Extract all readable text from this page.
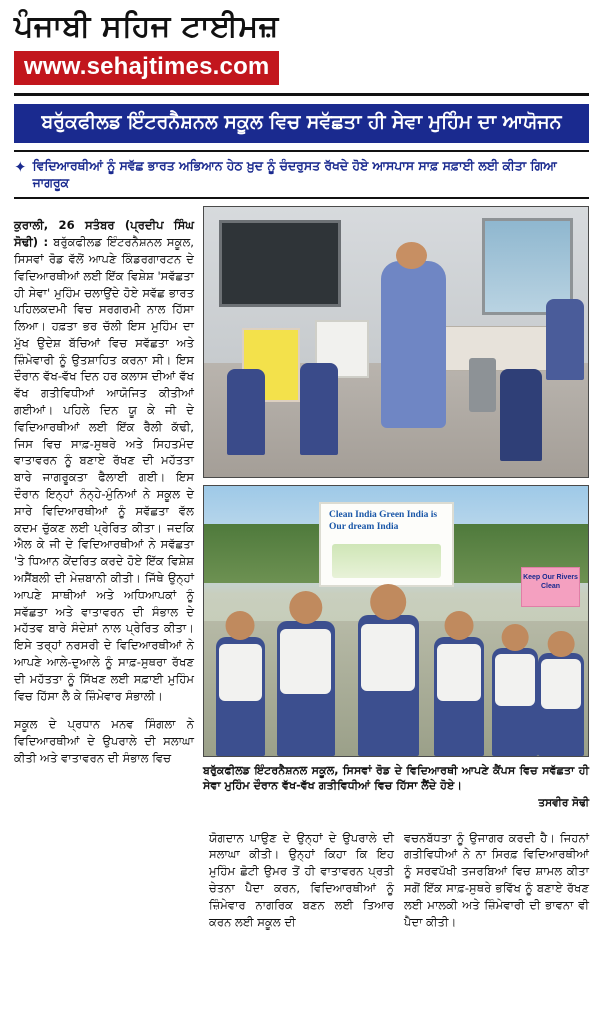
ਪੰਜਾਬੀ ਸਹਿਜ ਟਾਈਮਜ਼
www.sehajtimes.com
ਬਰੁੱਕਫੀਲਡ ਇੰਟਰਨੈਸ਼ਨਲ ਸਕੂਲ ਵਿਚ ਸਵੱਛਤਾ ਹੀ ਸੇਵਾ ਮੁਹਿੰਮ ਦਾ ਆਯੋਜਨ
✦ ਵਿਦਿਆਰਥੀਆਂ ਨੂੰ ਸਵੱਛ ਭਾਰਤ ਅਭਿਆਨ ਹੇਠ ਖ਼ੁਦ ਨੂੰ ਚੰਦਰੁਸਤ ਰੱਖਦੇ ਹੋਏ ਆਸਪਾਸ ਸਾਫ਼ ਸਫ਼ਾਈ ਲਈ ਕੀਤਾ ਗਿਆ ਜਾਗਰੂਕ

ਕੁਰਾਲੀ, 26 ਸਤੰਬਰ (ਪ੍ਰਦੀਪ ਸਿੰਘ ਸੋਢੀ) : ਬਰੁੱਕਫੀਲਡ ਇੰਟਰਨੈਸ਼ਨਲ ਸਕੂਲ, ਸਿਸਵਾਂ ਰੋਡ ਵੱਲੋਂ ਆਪਣੇ ਕਿੰਡਰਗਾਰਟਨ ਦੇ ਵਿਦਿਆਰਥੀਆਂ ਲਈ ਇੱਕ ਵਿਸ਼ੇਸ਼ 'ਸਵੱਛਤਾ ਹੀ ਸੇਵਾ' ਮੁਹਿੰਮ ਚਲਾਉਂਦੇ ਹੋਏ ਸਵੱਛ ਭਾਰਤ ਪਹਿਲਕਦਮੀ ਵਿਚ ਸਰਗਰਮੀ ਨਾਲ ਹਿੱਸਾ ਲਿਆ। ਹਫ਼ਤਾ ਭਰ ਚੱਲੀ ਇਸ ਮੁਹਿੰਮ ਦਾ ਮੁੱਖ ਉਦੇਸ਼ ਬੱਚਿਆਂ ਵਿਚ ਸਵੱਛਤਾ ਅਤੇ ਜ਼ਿੰਮੇਵਾਰੀ ਨੂੰ ਉਤਸ਼ਾਹਿਤ ਕਰਨਾ ਸੀ। ਇਸ ਦੌਰਾਨ ਵੱਖ-ਵੱਖ ਦਿਨ ਹਰ ਕਲਾਸ ਦੀਆਂ ਵੱਖ ਵੱਖ ਗਤੀਵਿਧੀਆਂ ਆਯੋਜਿਤ ਕੀਤੀਆਂ ਗਈਆਂ। ਪਹਿਲੇ ਦਿਨ ਯੂ ਕੇ ਜੀ ਦੇ ਵਿਦਿਆਰਥੀਆਂ ਲਈ ਇੱਕ ਰੈਲੀ ਕੱਢੀ, ਜਿਸ ਵਿਚ ਸਾਫ਼-ਸੁਥਰੇ ਅਤੇ ਸਿਹਤਮੰਦ ਵਾਤਾਵਰਨ ਨੂੰ ਬਣਾਏ ਰੱਖਣ ਦੀ ਮਹੱਤਤਾ ਬਾਰੇ ਜਾਗਰੂਕਤਾ ਫੈਲਾਈ ਗਈ। ਇਸ ਦੌਰਾਨ ਇਨ੍ਹਾਂ ਨੰਨ੍ਹੇ-ਮੁੰਨਿਆਂ ਨੇ ਸਕੂਲ ਦੇ ਸਾਰੇ ਵਿਦਿਆਰਥੀਆਂ ਨੂੰ ਸਵੱਛਤਾ ਵੱਲ ਕਦਮ ਚੁੱਕਣ ਲਈ ਪ੍ਰੇਰਿਤ ਕੀਤਾ। ਜਦਕਿ ਐਲ ਕੇ ਜੀ ਦੇ ਵਿਦਿਆਰਥੀਆਂ ਨੇ ਸਵੱਛਤਾ 'ਤੇ ਧਿਆਨ ਕੇਂਦਰਿਤ ਕਰਦੇ ਹੋਏ ਇੱਕ ਵਿਸ਼ੇਸ਼ ਅਸੈਂਬਲੀ ਦੀ ਮੇਜ਼ਬਾਨੀ ਕੀਤੀ। ਜਿੱਥੇ ਉਨ੍ਹਾਂ ਆਪਣੇ ਸਾਥੀਆਂ ਅਤੇ ਅਧਿਆਪਕਾਂ ਨੂੰ ਸਵੱਛਤਾ ਅਤੇ ਵਾਤਾਵਰਨ ਦੀ ਸੰਭਾਲ ਦੇ ਮਹੱਤਵ ਬਾਰੇ ਸੰਦੇਸ਼ਾਂ ਨਾਲ ਪ੍ਰੇਰਿਤ ਕੀਤਾ। ਇਸੇ ਤਰ੍ਹਾਂ ਨਰਸਰੀ ਦੇ ਵਿਦਿਆਰਥੀਆਂ ਨੇ ਆਪਣੇ ਆਲੇ-ਦੁਆਲੇ ਨੂੰ ਸਾਫ਼-ਸੁਥਰਾ ਰੱਖਣ ਦੀ ਮਹੱਤਤਾ ਨੂੰ ਸਿੱਖਣ ਲਈ ਸਫ਼ਾਈ ਮੁਹਿੰਮ ਵਿਚ ਹਿੱਸਾ ਲੈ ਕੇ ਜ਼ਿੰਮੇਵਾਰ ਸੰਭਾਲੀ।

ਸਕੂਲ ਦੇ ਪ੍ਰਧਾਨ ਮਨਵ ਸਿੰਗਲਾ ਨੇ ਵਿਦਿਆਰਥੀਆਂ ਦੇ ਉਪਰਾਲੇ ਦੀ ਸਲਾਘਾ ਕੀਤੀ ਅਤੇ ਵਾਤਾਵਰਨ ਦੀ ਸੰਭਾਲ ਵਿਚ

Clean India Green India is Our dream India
Keep Our Rivers Clean
ਬਰੁੱਕਫੀਲਡ ਇੰਟਰਨੈਸ਼ਨਲ ਸਕੂਲ, ਸਿਸਵਾਂ ਰੋਡ ਦੇ ਵਿਦਿਆਰਥੀ ਆਪਣੇ ਕੈਂਪਸ ਵਿਚ ਸਵੱਛਤਾ ਹੀ ਸੇਵਾ ਮੁਹਿੰਮ ਦੌਰਾਨ ਵੱਖ-ਵੱਖ ਗਤੀਵਿਧੀਆਂ ਵਿਚ ਹਿੱਸਾ ਲੈਂਦੇ ਹੋਏ।
ਤਸਵੀਰ ਸੋਢੀ

ਯੋਗਦਾਨ ਪਾਉਣ ਦੇ ਉਨ੍ਹਾਂ ਦੇ ਉਪਰਾਲੇ ਦੀ ਸਲਾਘਾ ਕੀਤੀ। ਉਨ੍ਹਾਂ ਕਿਹਾ ਕਿ ਇਹ ਮੁਹਿੰਮ ਛੋਟੀ ਉਮਰ ਤੋਂ ਹੀ ਵਾਤਾਵਰਨ ਪ੍ਰਤੀ ਚੇਤਨਾ ਪੈਦਾ ਕਰਨ, ਵਿਦਿਆਰਥੀਆਂ ਨੂੰ ਜ਼ਿੰਮੇਵਾਰ ਨਾਗਰਿਕ ਬਣਨ ਲਈ ਤਿਆਰ ਕਰਨ ਲਈ ਸਕੂਲ ਦੀ

ਵਚਨਬੱਧਤਾ ਨੂੰ ਉਜਾਗਰ ਕਰਦੀ ਹੈ। ਜਿਹਨਾਂ ਗਤੀਵਿਧੀਆਂ ਨੇ ਨਾ ਸਿਰਫ਼ ਵਿਦਿਆਰਥੀਆਂ ਨੂੰ ਸਰਵਪੱਖੀ ਤਜਰਬਿਆਂ ਵਿਚ ਸ਼ਾਮਲ ਕੀਤਾ ਸਗੋਂ ਇੱਕ ਸਾਫ਼-ਸੁਥਰੇ ਭਵਿੱਖ ਨੂੰ ਬਣਾਏ ਰੱਖਣ ਲਈ ਮਾਲਕੀ ਅਤੇ ਜ਼ਿੰਮੇਵਾਰੀ ਦੀ ਭਾਵਨਾ ਵੀ ਪੈਦਾ ਕੀਤੀ।
